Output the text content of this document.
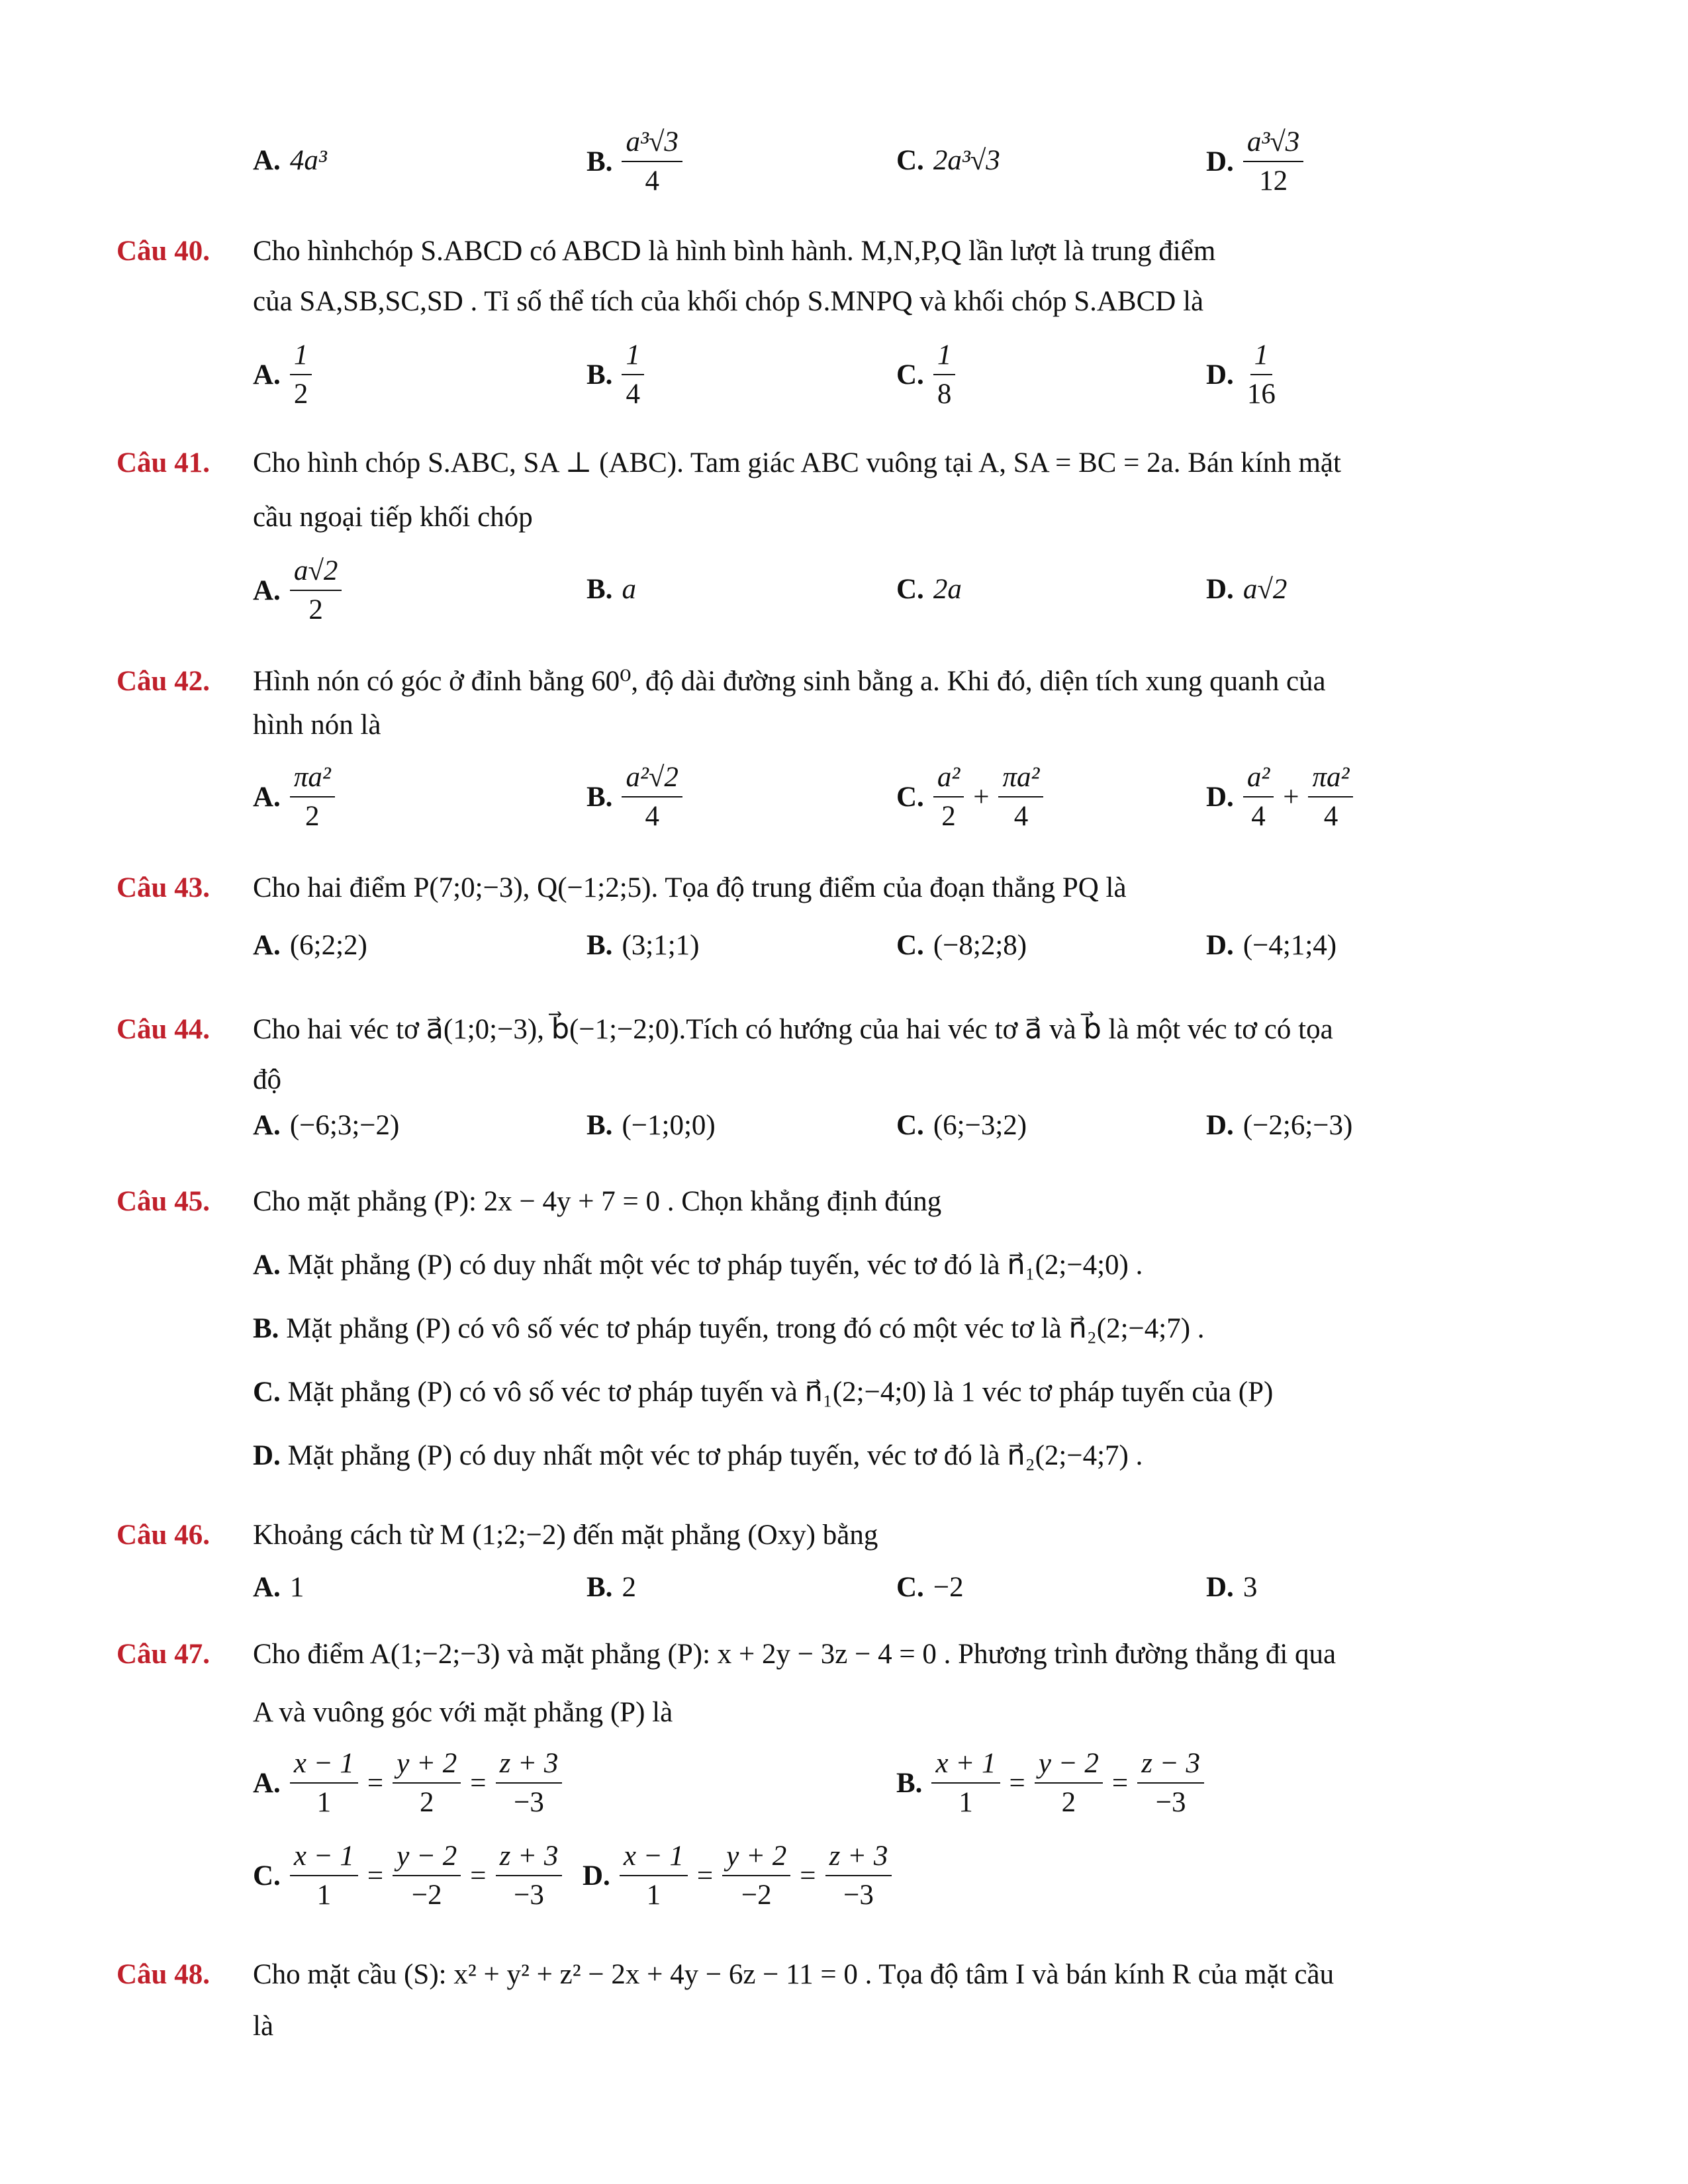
A. 4a³	B. $\frac{\text{a³√3}}{4}$	C. 2a³√3	D. $\frac{\text{a³√3}}{12}$
Câu 40. Cho hìnhchóp S.ABCD có ABCD là hình bình hành. M,N,P,Q lần lượt là trung điểm
của SA,SB,SC,SD . Tỉ số thể tích của khối chóp S.MNPQ và khối chóp S.ABCD là
A. $\frac{1}{2}$	B. $\frac{1}{4}$	C. $\frac{1}{8}$	D. $\frac{1}{16}$
Câu 41. Cho hình chóp S.ABC, SA ⊥ (ABC). Tam giác ABC vuông tại A, SA = BC = 2a. Bán kính mặt
cầu ngoại tiếp khối chóp
A. $\frac{a√2}{2}$	B. a	C. 2a	D. a√2
Câu 42. Hình nón có góc ở đỉnh bằng 60⁰, độ dài đường sinh bằng a. Khi đó, diện tích xung quanh của
hình nón là
A. $\frac{\text{πa²}}{2}$	B. $\frac{\text{a²√2}}{4}$	C. $\frac{\text{a²}}{2} + \frac{\text{πa²}}{4}$	D. $\frac{\text{a²}}{4} + \frac{\text{πa²}}{4}$
Câu 43. Cho hai điểm P(7;0;−3), Q(−1;2;5). Tọa độ trung điểm của đoạn thẳng PQ là
A. (6;2;2)	B. (3;1;1)	C. (−8;2;8)	D. (−4;1;4)
Câu 44. Cho hai véc tơ a⃗(1;0;−3), b⃗(−1;−2;0).Tích có hướng của hai véc tơ a⃗ và b⃗ là một véc tơ có tọa
độ
A. (−6;3;−2)	B. (−1;0;0)	C. (6;−3;2)	D. (−2;6;−3)
Câu 45. Cho mặt phẳng (P): 2x − 4y + 7 = 0 . Chọn khẳng định đúng
A. Mặt phẳng (P) có duy nhất một véc tơ pháp tuyến, véc tơ đó là n⃗₁(2;−4;0) .
B. Mặt phẳng (P) có vô số véc tơ pháp tuyến, trong đó có một véc tơ là n⃗₂(2;−4;7) .
C. Mặt phẳng (P) có vô số véc tơ pháp tuyến và n⃗₁(2;−4;0) là 1 véc tơ pháp tuyến của (P)
D. Mặt phẳng (P) có duy nhất một véc tơ pháp tuyến, véc tơ đó là n⃗₂(2;−4;7) .
Câu 46. Khoảng cách từ M (1;2;−2) đến mặt phẳng (Oxy) bằng
A. 1	B. 2	C. −2	D. 3
Câu 47. Cho điểm A(1;−2;−3) và mặt phẳng (P): x + 2y − 3z − 4 = 0 . Phương trình đường thẳng đi qua
A và vuông góc với mặt phẳng (P) là
A. $\frac{x - 1}{1} = \frac{y + 2}{2} = \frac{z + 3}{-3}$	B. $\frac{x + 1}{1} = \frac{y - 2}{2} = \frac{z - 3}{-3}$
C. $\frac{x - 1}{1} = \frac{y - 2}{-2} = \frac{z + 3}{-3} D$. $\frac{x - 1}{1} = \frac{y + 2}{-2} = \frac{z + 3}{-3}$
Câu 48. Cho mặt cầu (S): x² + y² + z² − 2x + 4y − 6z − 11 = 0 . Tọa độ tâm I và bán kính R của mặt cầu
là
